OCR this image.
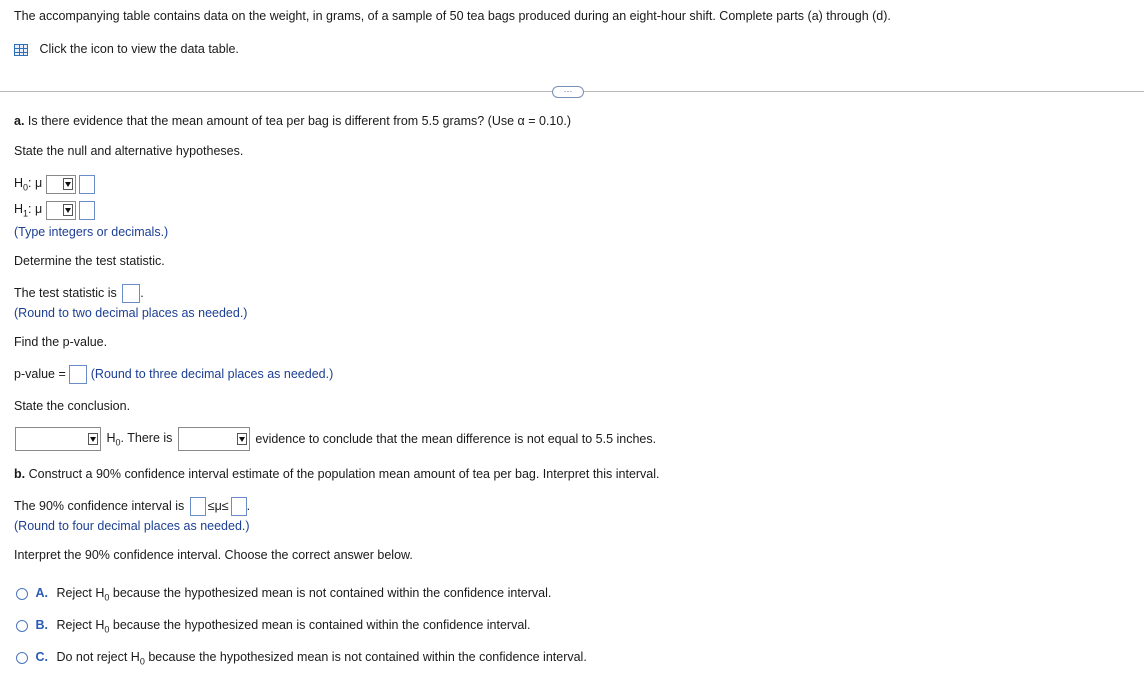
The accompanying table contains data on the weight, in grams, of a sample of 50 tea bags produced during an eight-hour shift. Complete parts (a) through (d).
Click the icon to view the data table.
···
a. Is there evidence that the mean amount of tea per bag is different from 5.5 grams? (Use α = 0.10.)
State the null and alternative hypotheses.
$H_0$: μ
$H_1$: μ
(Type integers or decimals.)
Determine the test statistic.
The test statistic is .
(Round to two decimal places as needed.)
Find the p-value.
p-value = (Round to three decimal places as needed.)
State the conclusion.
$H_0$. There is	evidence to conclude that the mean difference is not equal to 5.5 inches.
b. Construct a 90% confidence interval estimate of the population mean amount of tea per bag. Interpret this interval.
The 90% confidence interval is ≤μ≤ .
(Round to four decimal places as needed.)
Interpret the 90% confidence interval. Choose the correct answer below.
A. Reject $H_0$ because the hypothesized mean is not contained within the confidence interval.
B. Reject $H_0$ because the hypothesized mean is contained within the confidence interval.
C. Do not reject $H_0$ because the hypothesized mean is not contained within the confidence interval.
